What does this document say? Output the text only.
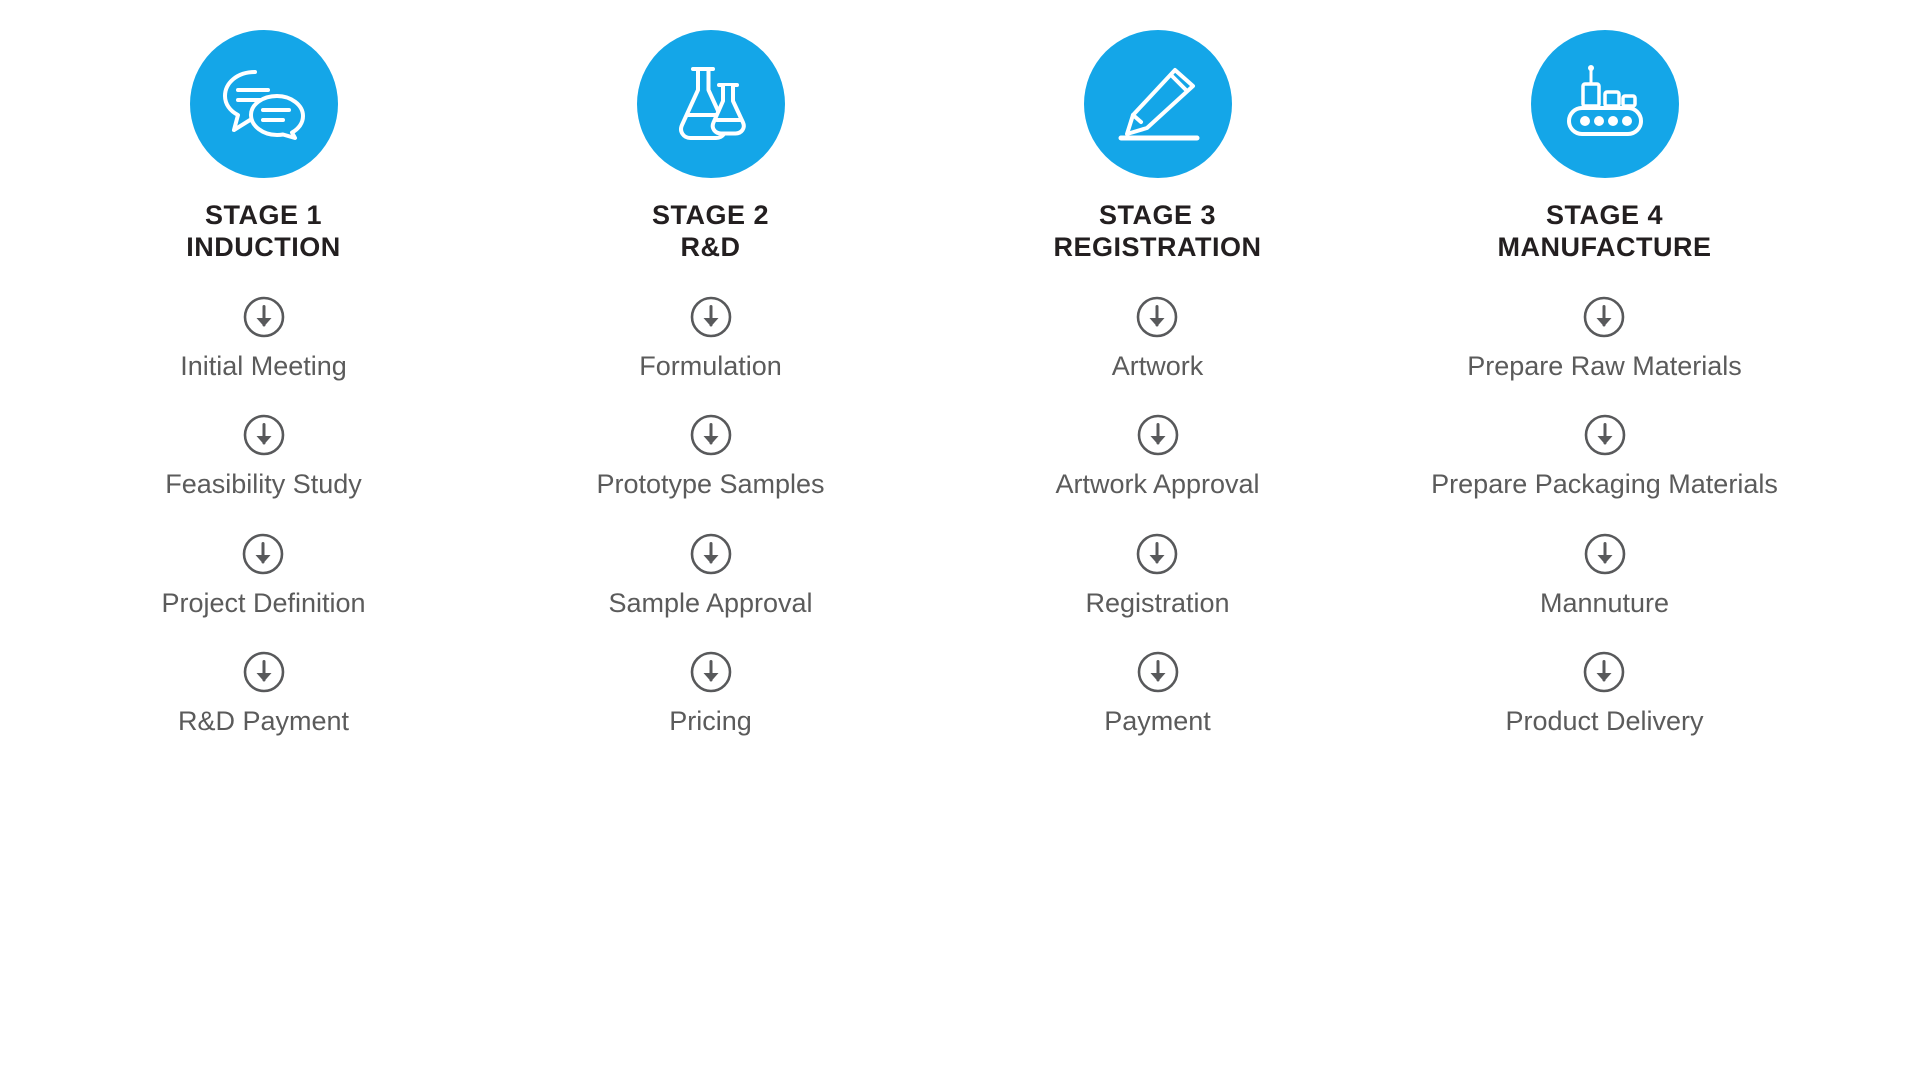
STAGE 1
INDUCTION
Initial Meeting
Feasibility Study
Project Definition
R&D Payment
STAGE 2
R&D
Formulation
Prototype Samples
Sample Approval
Pricing
STAGE 3
REGISTRATION
Artwork
Artwork Approval
Registration
Payment
STAGE 4
MANUFACTURE
Prepare Raw Materials
Prepare Packaging Materials
Mannuture
Product Delivery
